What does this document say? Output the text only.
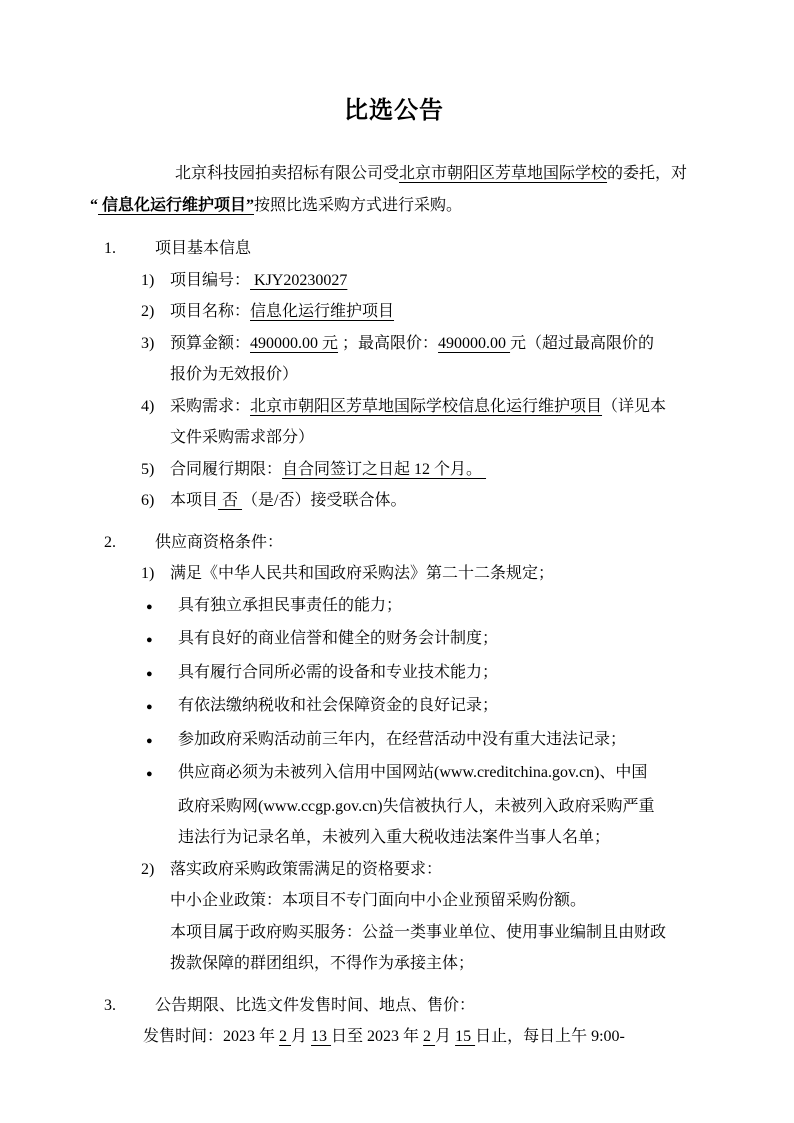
比选公告
北京科技园拍卖招标有限公司受北京市朝阳区芳草地国际学校的委托，对
“ 信息化运行维护项目”按照比选采购方式进行采购。
1.	项目基本信息
1) 项目编号： KJY20230027
2) 项目名称：信息化运行维护项目
3) 预算金额：490000.00 元 ；最高限价：490000.00 元（超过最高限价的
报价为无效报价）
4) 采购需求：北京市朝阳区芳草地国际学校信息化运行维护项目（详见本
文件采购需求部分）
5) 合同履行期限：自合同签订之日起 12 个月。
6) 本项目 否 （是/否）接受联合体。
2.	供应商资格条件：
1) 满足《中华人民共和国政府采购法》第二十二条规定；
●	具有独立承担民事责任的能力；
●	具有良好的商业信誉和健全的财务会计制度；
●	具有履行合同所必需的设备和专业技术能力；
●	有依法缴纳税收和社会保障资金的良好记录；
●	参加政府采购活动前三年内，在经营活动中没有重大违法记录；
●	供应商必须为未被列入信用中国网站(www.creditchina.gov.cn)、中国
政府采购网(www.ccgp.gov.cn)失信被执行人，未被列入政府采购严重
违法行为记录名单，未被列入重大税收违法案件当事人名单；
2) 落实政府采购政策需满足的资格要求：
中小企业政策：本项目不专门面向中小企业预留采购份额。
本项目属于政府购买服务：公益一类事业单位、使用事业编制且由财政
拨款保障的群团组织，不得作为承接主体；
3.	公告期限、比选文件发售时间、地点、售价：
发售时间：2023 年 2 月 13 日至 2023 年 2 月 15 日止，每日上午 9:00-
